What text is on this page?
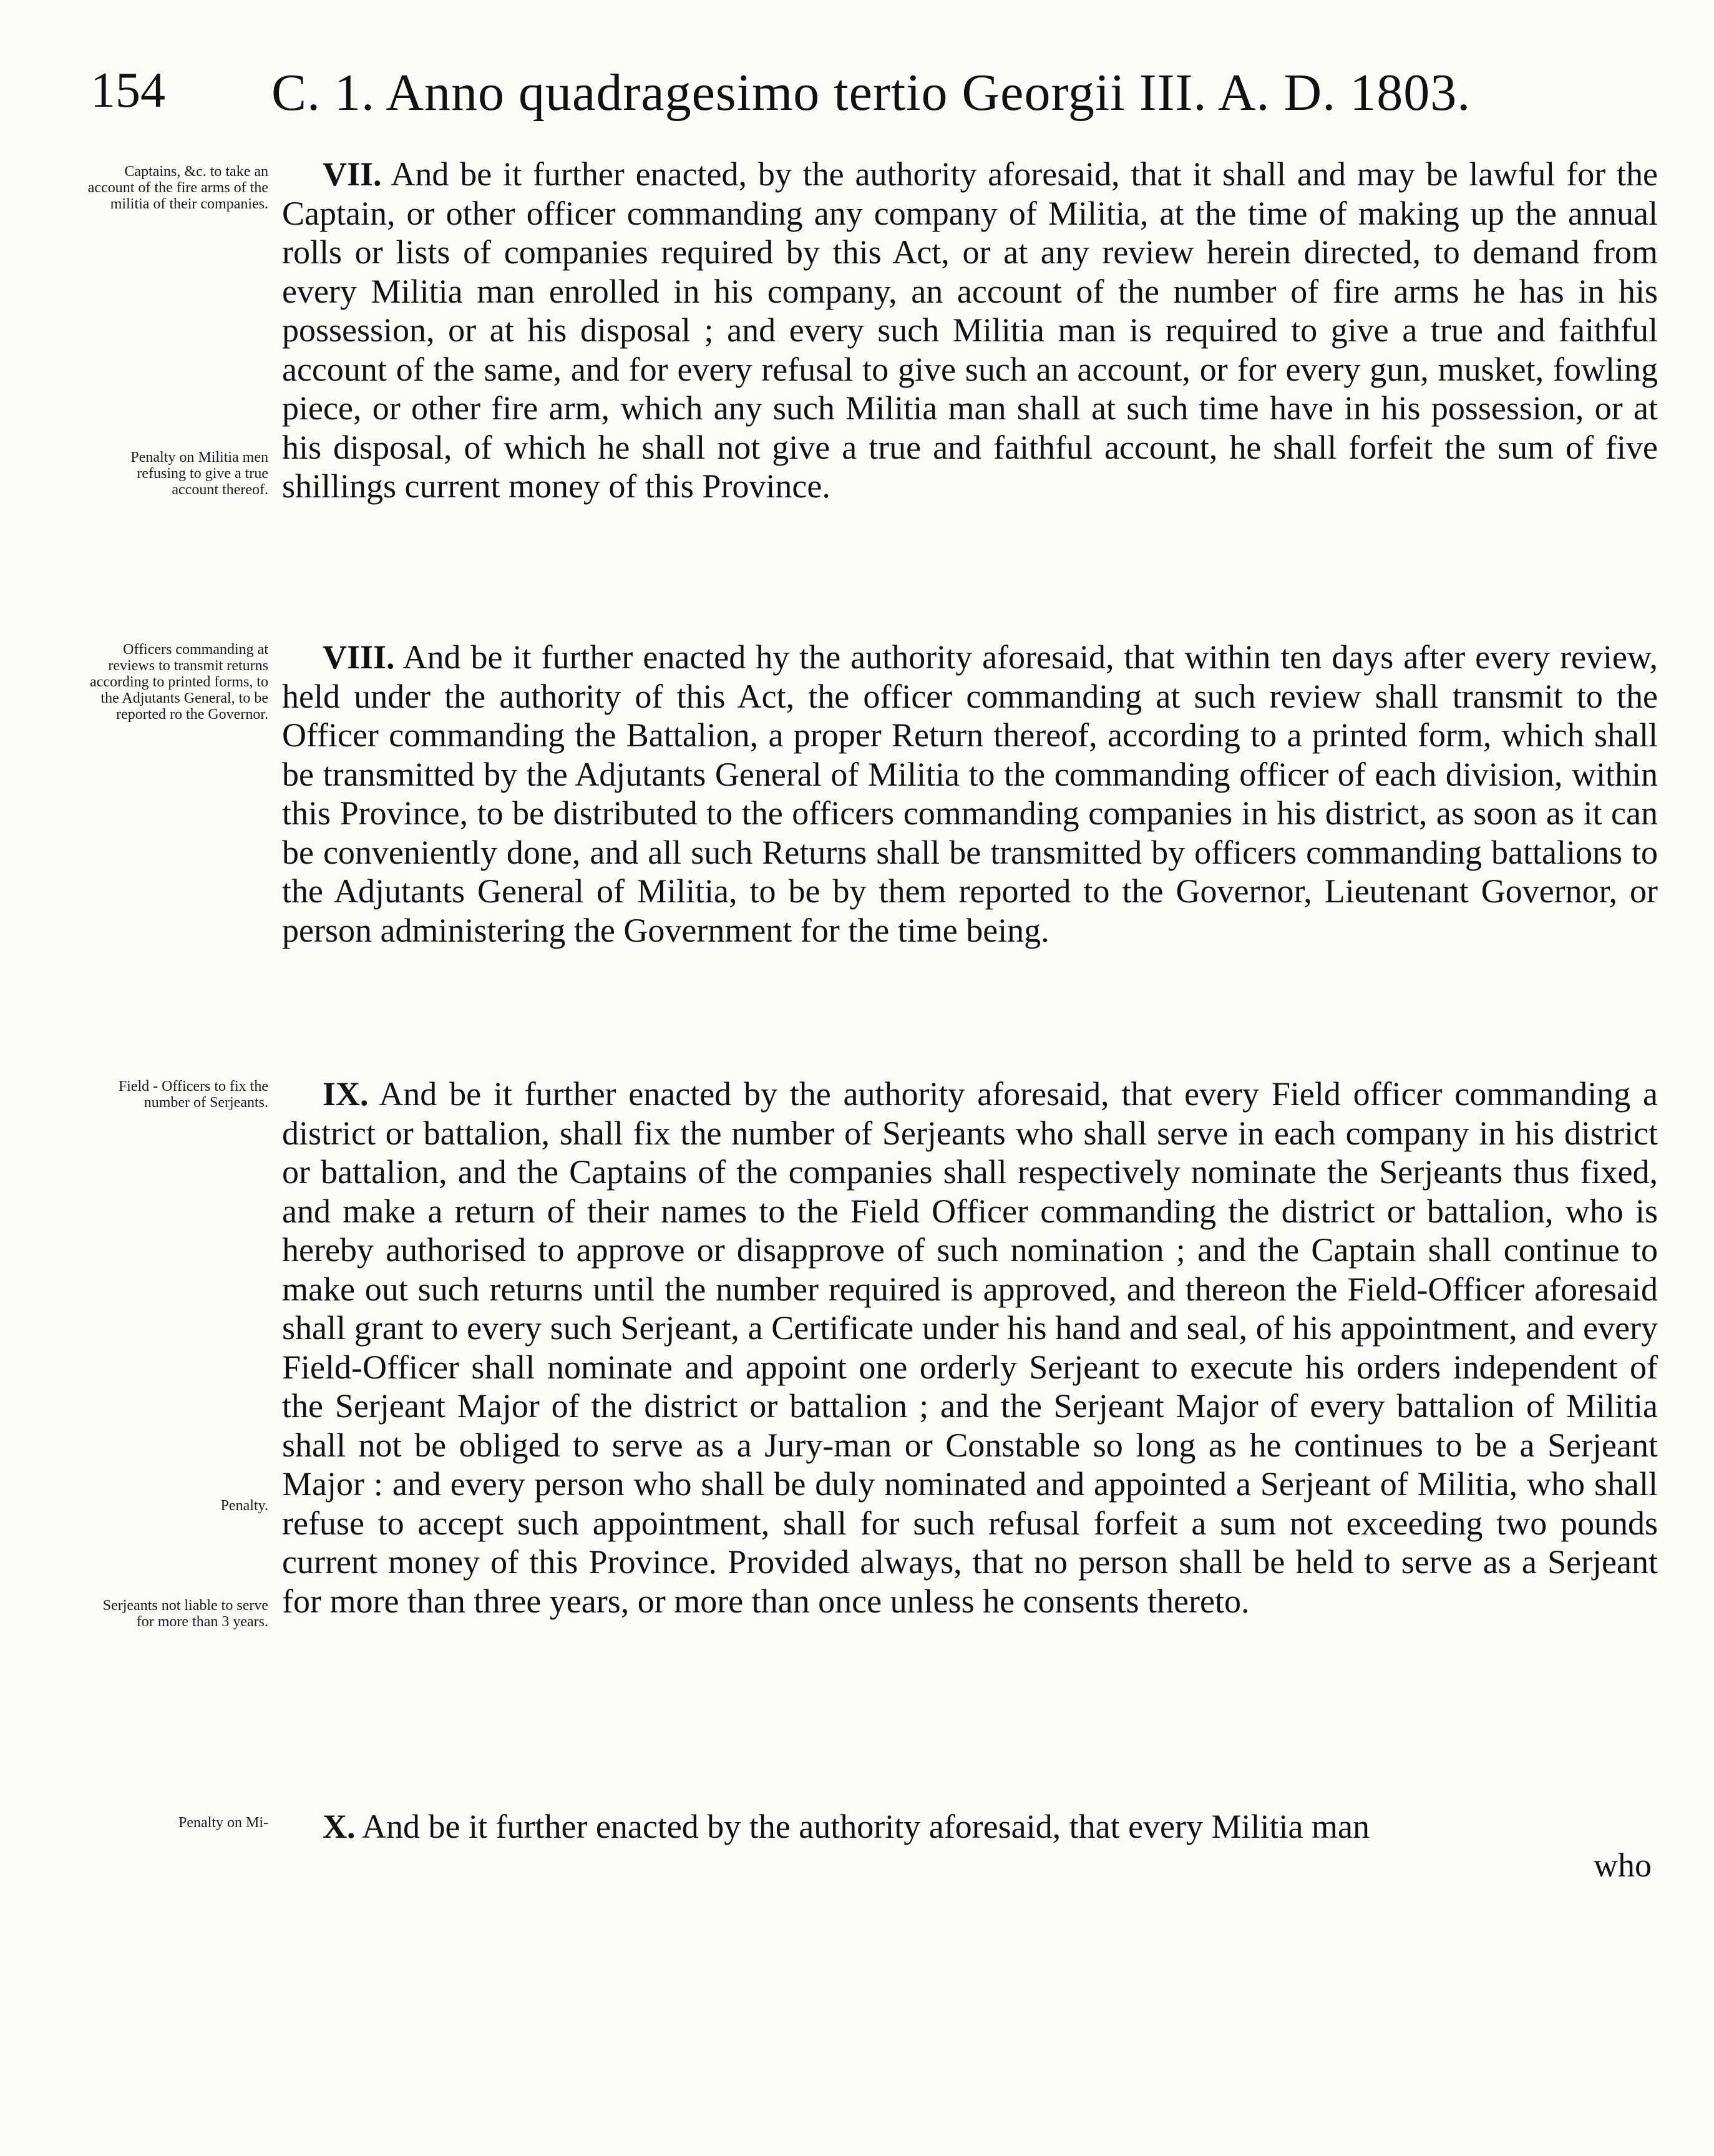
154 C. 1. Anno quadragesimo tertio Georgii III. A. D. 1803.
Captains, &c. to take an account of the fire arms of the militia of their companies.
VII. And be it further enacted, by the authority aforesaid, that it shall and may be lawful for the Captain, or other officer commanding any company of Militia, at the time of making up the annual rolls or lists of companies required by this Act, or at any review herein directed, to demand from every Militia man enrolled in his company, an account of the number of fire arms he has in his possession, or at his disposal ; and every such Militia man is required to give a true and faithful account of the same, and for every refusal to give such an account, or for every gun, musket, fowling piece, or other fire arm, which any such Militia man shall at such time have in his possession, or at his disposal, of which he shall not give a true and faithful account, he shall forfeit the sum of five shillings current money of this Province.
Penalty on Militia men refusing to give a true account thereof.
Officers commanding at reviews to transmit returns according to printed forms, to the Adjutants General, to be reported ro the Governor.
VIII. And be it further enacted hy the authority aforesaid, that within ten days after every review, held under the authority of this Act, the officer commanding at such review shall transmit to the Officer commanding the Battalion, a proper Return thereof, according to a printed form, which shall be transmitted by the Adjutants General of Militia to the commanding officer of each division, within this Province, to be distributed to the officers commanding companies in his district, as soon as it can be conveniently done, and all such Returns shall be transmitted by officers commanding battalions to the Adjutants General of Militia, to be by them reported to the Governor, Lieutenant Governor, or person administering the Government for the time being.
Field - Officers to fix the number of Serjeants.	IX. And be it further enacted by the authority aforesaid, that every Field officer commanding a district or battalion, shall fix the number of Serjeants who shall serve in each company in his district or battalion, and the Captains of the companies shall respectively nominate the Serjeants thus fixed, and make a return of their names to the Field Officer commanding the district or battalion, who is hereby authorised to approve or disapprove of such nomination ; and the Captain shall continue to make out such returns until the number required is approved, and thereon the Field-Officer aforesaid shall grant to every such Serjeant, a Certificate under his hand and seal, of his appointment, and every Field-Officer shall nominate and appoint one orderly Serjeant to execute his orders independent of the Serjeant Major of the district or battalion ; and the Serjeant Major of every battalion of Militia shall not be obliged to serve as a Jury-man or Constable so long as he continues to be a Serjeant Major : and every person who shall be duly nominated and appointed a Serjeant of Militia, who shall refuse to accept such appointment, shall for such refusal forfeit a sum not exceeding two pounds current money of this Province. Provided always, that no person shall be held to serve as a Serjeant for more than three years, or more than once unless he consents thereto.
Penalty.
Serjeants not liable to serve for more than 3 years.
Penalty on Mi-	X. And be it further enacted by the authority aforesaid, that every Militia man
who
